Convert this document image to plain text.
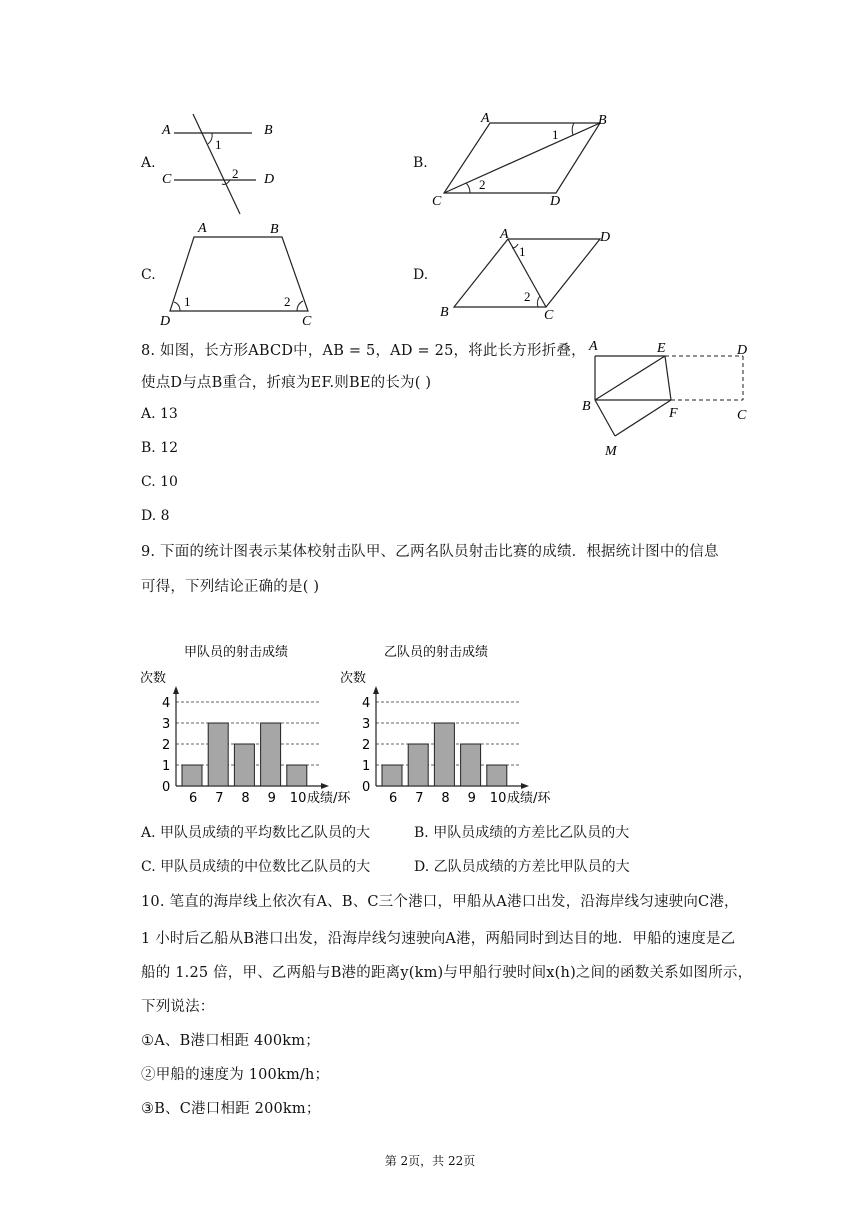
A.
A	B
C	D
1
2
B.
A	B
C	D
1
2
C.
A	B
D	C
1	2
D.
A	D
B	C
1
2
8. 如图，长方形ABCD中，AB = 5，AD = 25，将此长方形折叠，
使点D与点B重合，折痕为EF.则BE的长为( )
A. 13
B. 12
C. 10
D. 8
A	E	D
B	F	C
M
9. 下面的统计图表示某体校射击队甲、乙两名队员射击比赛的成绩．根据统计图中的信息
可得，下列结论正确的是( )
甲队员的射击成绩
次数
0
1
2
3
4
6 7 8 9 10 成绩/环
乙队员的射击成绩
次数
0
1
2
3
4
6 7 8 9 10 成绩/环
A. 甲队员成绩的平均数比乙队员的大	B. 甲队员成绩的方差比乙队员的大
C. 甲队员成绩的中位数比乙队员的大	D. 乙队员成绩的方差比甲队员的大
10. 笔直的海岸线上依次有A、B、C三个港口，甲船从A港口出发，沿海岸线匀速驶向C港，
1 小时后乙船从B港口出发，沿海岸线匀速驶向A港，两船同时到达目的地．甲船的速度是乙
船的 1.25 倍，甲、乙两船与B港的距离y(km)与甲船行驶时间x(h)之间的函数关系如图所示，
下列说法：
①A、B港口相距 400km；
②甲船的速度为 100km/h；
③B、C港口相距 200km；
第 2页，共 22页
